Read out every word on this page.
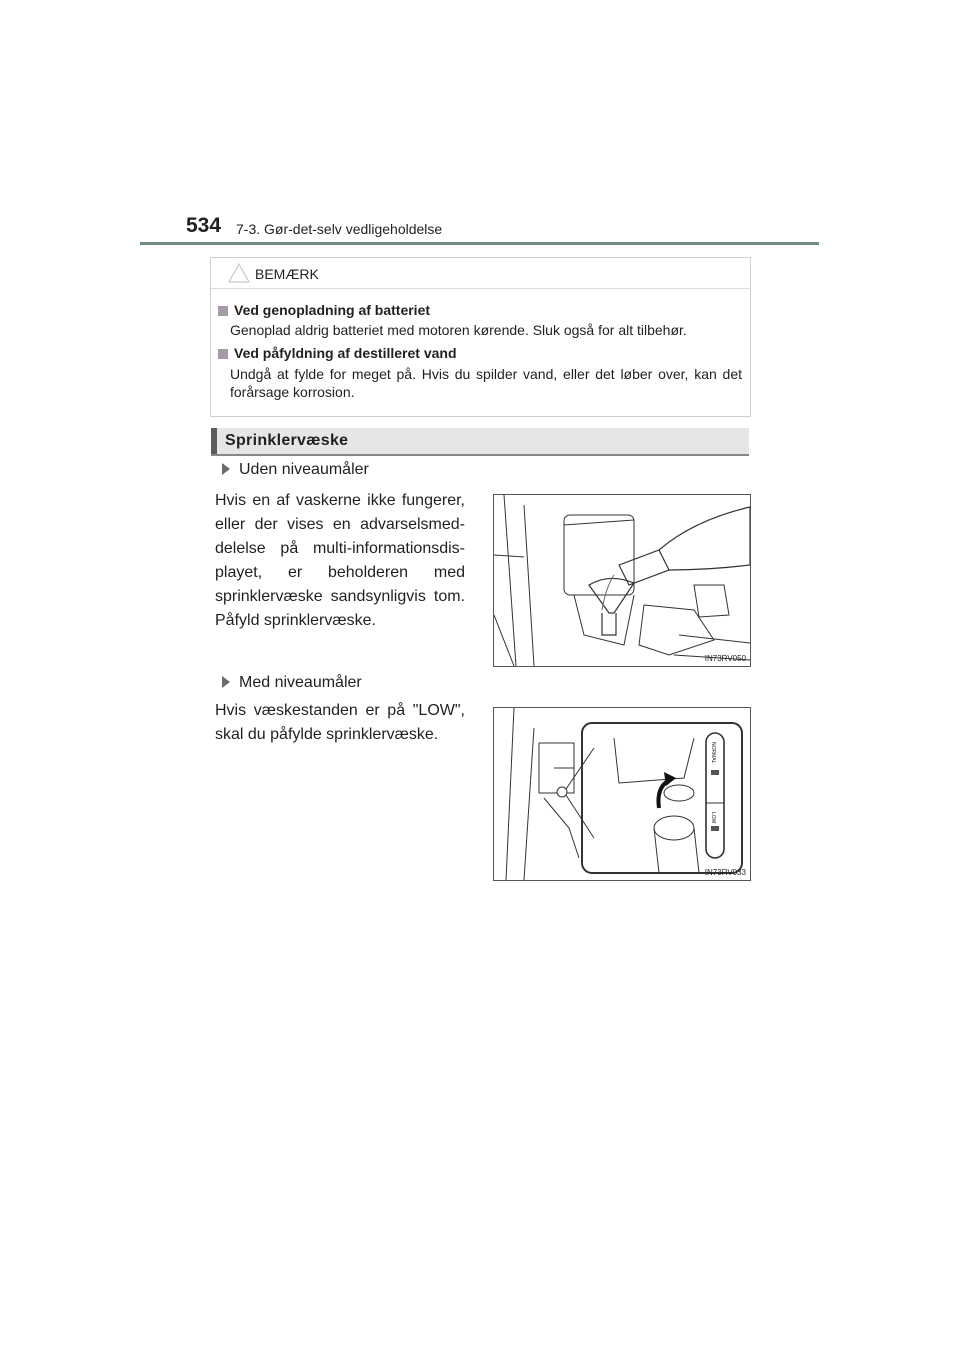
534 7-3. Gør-det-selv vedligeholdelse
BEMÆRK
Ved genopladning af batteriet
Genoplad aldrig batteriet med motoren kørende. Sluk også for alt tilbehør.
Ved påfyldning af destilleret vand
Undgå at fylde for meget på. Hvis du spilder vand, eller det løber over, kan det forårsage korrosion.
Sprinklervæske
Uden niveaumåler
Hvis en af vaskerne ikke fungerer, eller der vises en advarselsmed-delelse på multi-informationsdis-playet, er beholderen med sprinklervæske sandsynligvis tom. Påfyld sprinklervæske.
IN73RV050
Med niveaumåler
Hvis væskestanden er på "LOW", skal du påfylde sprinklervæske.
NORMAL
LOW
IN73RV033
